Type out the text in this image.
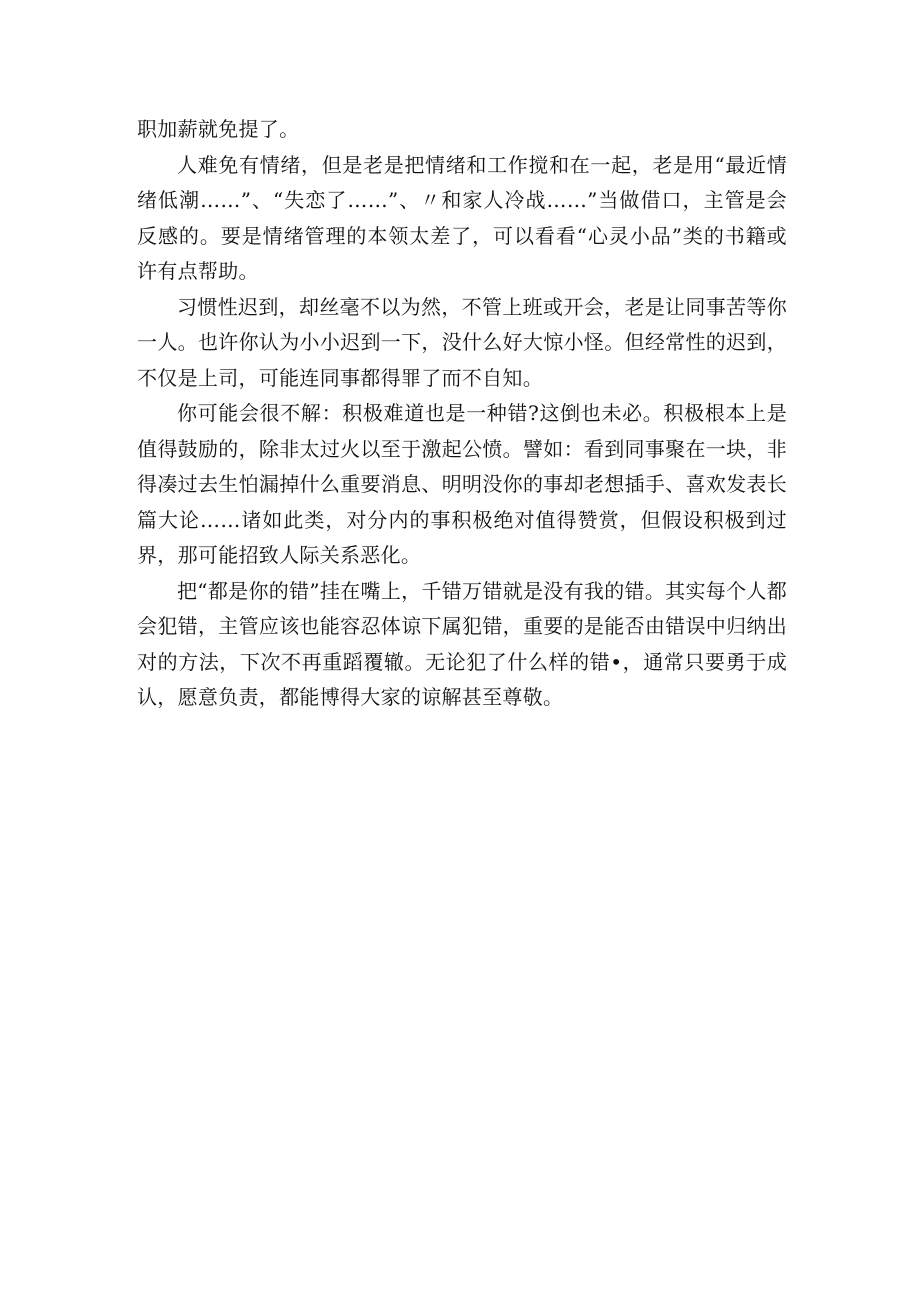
职加薪就免提了。

人难免有情绪，但是老是把情绪和工作搅和在一起，老是用“最近情绪低潮……”、“失恋了……”、〃和家人冷战……”当做借口，主管是会反感的。要是情绪管理的本领太差了，可以看看“心灵小品”类的书籍或许有点帮助。

习惯性迟到，却丝毫不以为然，不管上班或开会，老是让同事苦等你一人。也许你认为小小迟到一下，没什么好大惊小怪。但经常性的迟到，不仅是上司，可能连同事都得罪了而不自知。

你可能会很不解：积极难道也是一种错?这倒也未必。积极根本上是值得鼓励的，除非太过火以至于激起公愤。譬如：看到同事聚在一块，非得凑过去生怕漏掉什么重要消息、明明没你的事却老想插手、喜欢发表长篇大论……诸如此类，对分内的事积极绝对值得赞赏，但假设积极到过界，那可能招致人际关系恶化。

把“都是你的错”挂在嘴上，千错万错就是没有我的错。其实每个人都会犯错，主管应该也能容忍体谅下属犯错，重要的是能否由错误中归纳出对的方法，下次不再重蹈覆辙。无论犯了什么样的错•，通常只要勇于成认，愿意负责，都能博得大家的谅解甚至尊敬。
